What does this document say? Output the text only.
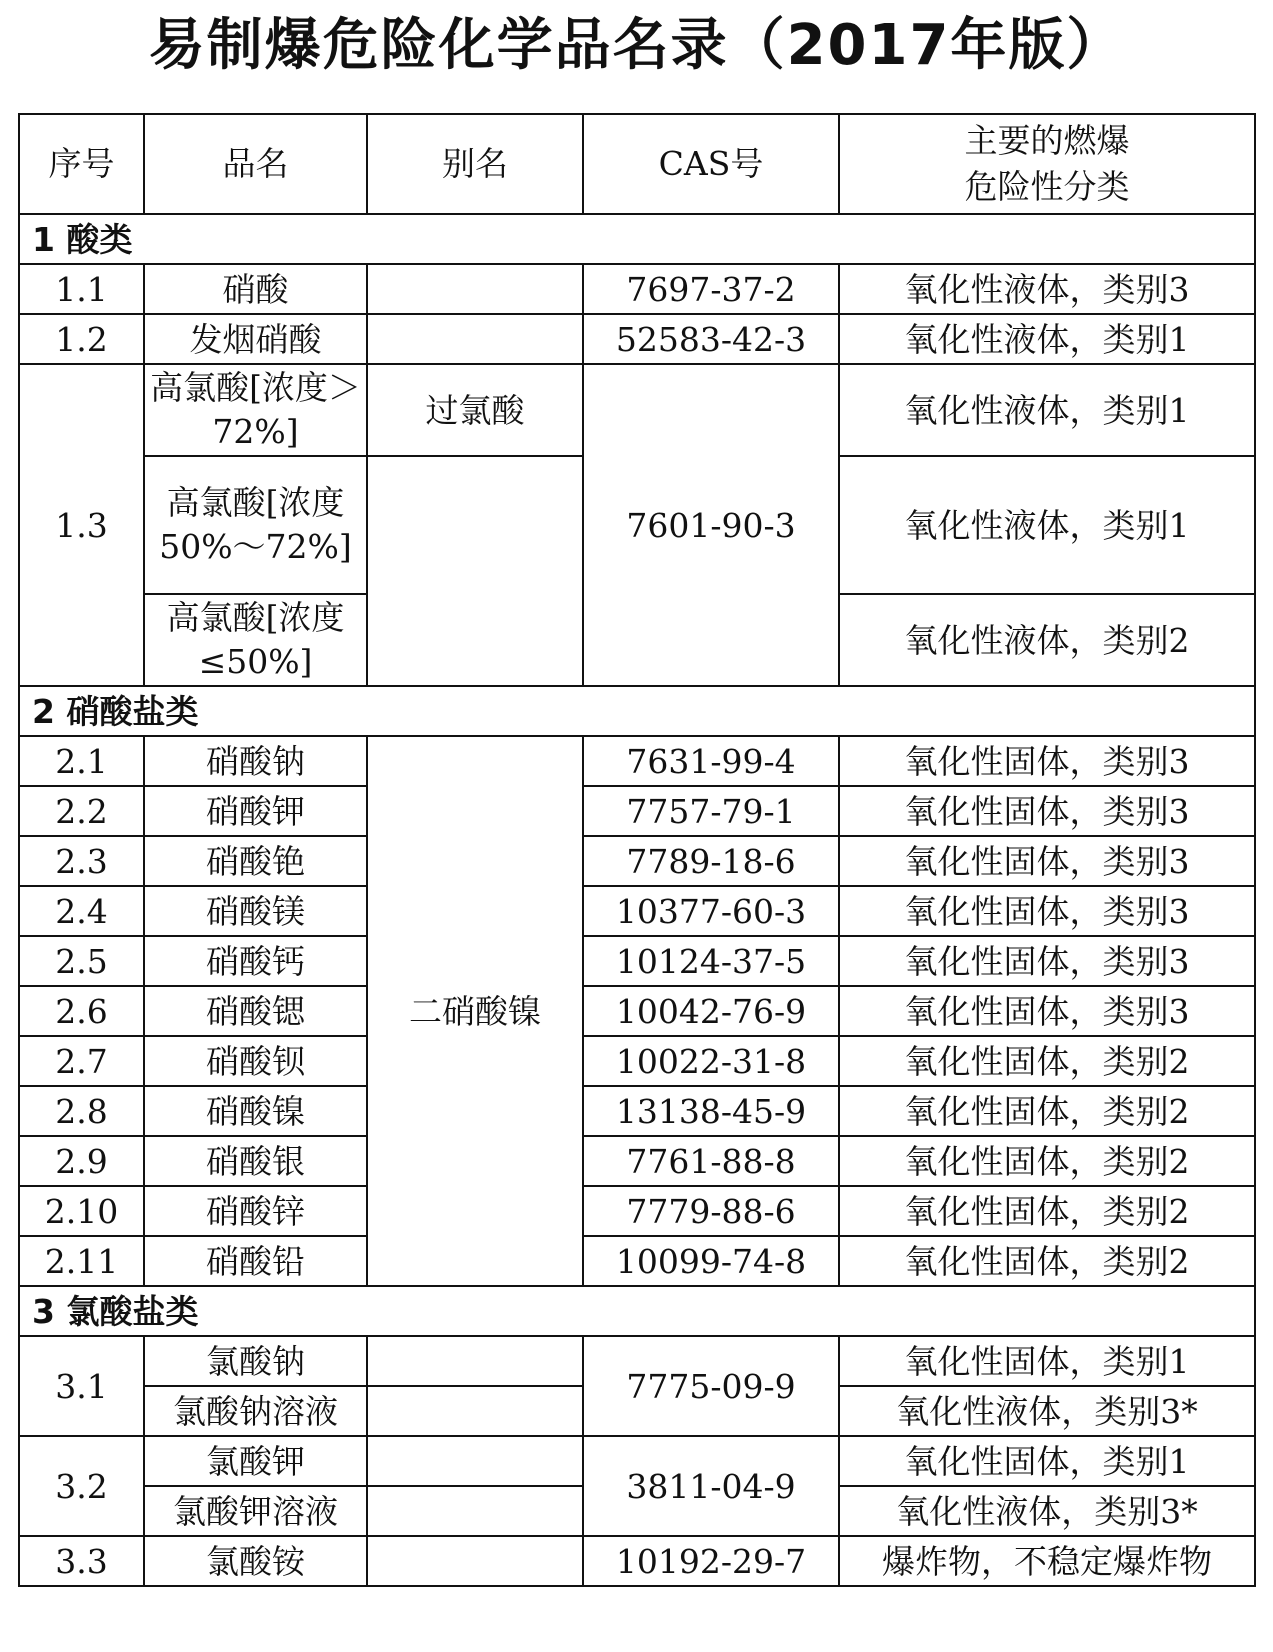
易制爆危险化学品名录（2017年版）
序号	品名	别名	CAS号	主要的燃爆
危险性分类

1 酸类				
1.1	硝酸		7697-37-2	氧化性液体，类别3
1.2	发烟硝酸		52583-42-3	氧化性液体，类别1
1.3	高氯酸[浓度＞72%]	过氯酸	7601-90-3	氧化性液体，类别1
	高氯酸[浓度50%～72%]			氧化性液体，类别1
	高氯酸[浓度≤50%]			氧化性液体，类别2
2 硝酸盐类				
2.1	硝酸钠	二硝酸镍	7631-99-4	氧化性固体，类别3
2.2	硝酸钾		7757-79-1	氧化性固体，类别3
2.3	硝酸铯		7789-18-6	氧化性固体，类别3
2.4	硝酸镁		10377-60-3	氧化性固体，类别3
2.5	硝酸钙		10124-37-5	氧化性固体，类别3
2.6	硝酸锶		10042-76-9	氧化性固体，类别3
2.7	硝酸钡		10022-31-8	氧化性固体，类别2
2.8	硝酸镍		13138-45-9	氧化性固体，类别2
2.9	硝酸银		7761-88-8	氧化性固体，类别2
2.10	硝酸锌		7779-88-6	氧化性固体，类别2
2.11	硝酸铅		10099-74-8	氧化性固体，类别2
3 氯酸盐类				
3.1	氯酸钠		7775-09-9	氧化性固体，类别1
	氯酸钠溶液			氧化性液体，类别3*
3.2	氯酸钾		3811-04-9	氧化性固体，类别1
	氯酸钾溶液			氧化性液体，类别3*
3.3	氯酸铵		10192-29-7	爆炸物，不稳定爆炸物
